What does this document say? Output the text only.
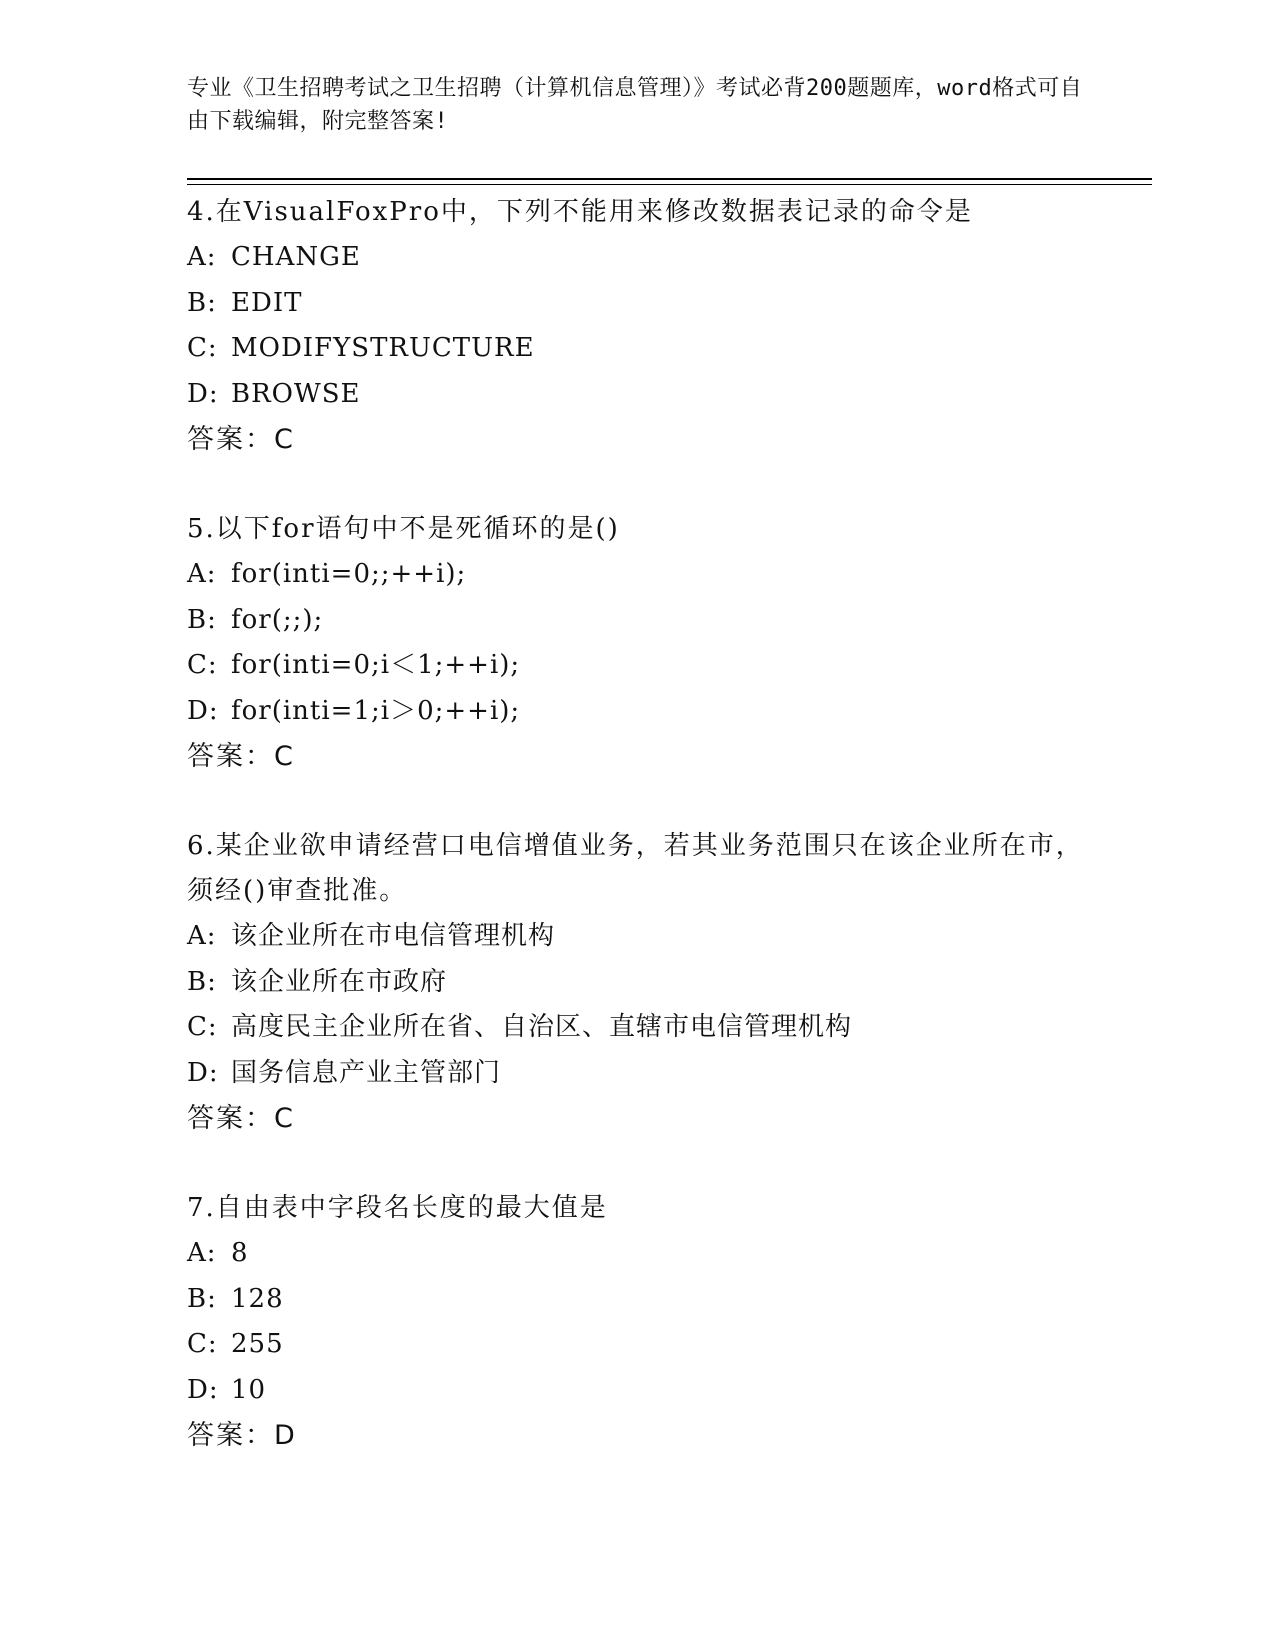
专业《卫生招聘考试之卫生招聘（计算机信息管理）》考试必背200题题库，word格式可自由下载编辑，附完整答案!
4.在VisualFoxPro中，下列不能用来修改数据表记录的命令是
A: CHANGE
B: EDIT
C: MODIFYSTRUCTURE
D: BROWSE
答案：C
5.以下for语句中不是死循环的是()
A: for(inti=0;;++i);
B: for(;;);
C: for(inti=0;i＜1;++i);
D: for(inti=1;i＞0;++i);
答案：C
6.某企业欲申请经营口电信增值业务，若其业务范围只在该企业所在市，须经()审查批准。
A: 该企业所在市电信管理机构
B: 该企业所在市政府
C: 高度民主企业所在省、自治区、直辖市电信管理机构
D: 国务信息产业主管部门
答案：C
7.自由表中字段名长度的最大值是
A: 8
B: 128
C: 255
D: 10
答案：D
